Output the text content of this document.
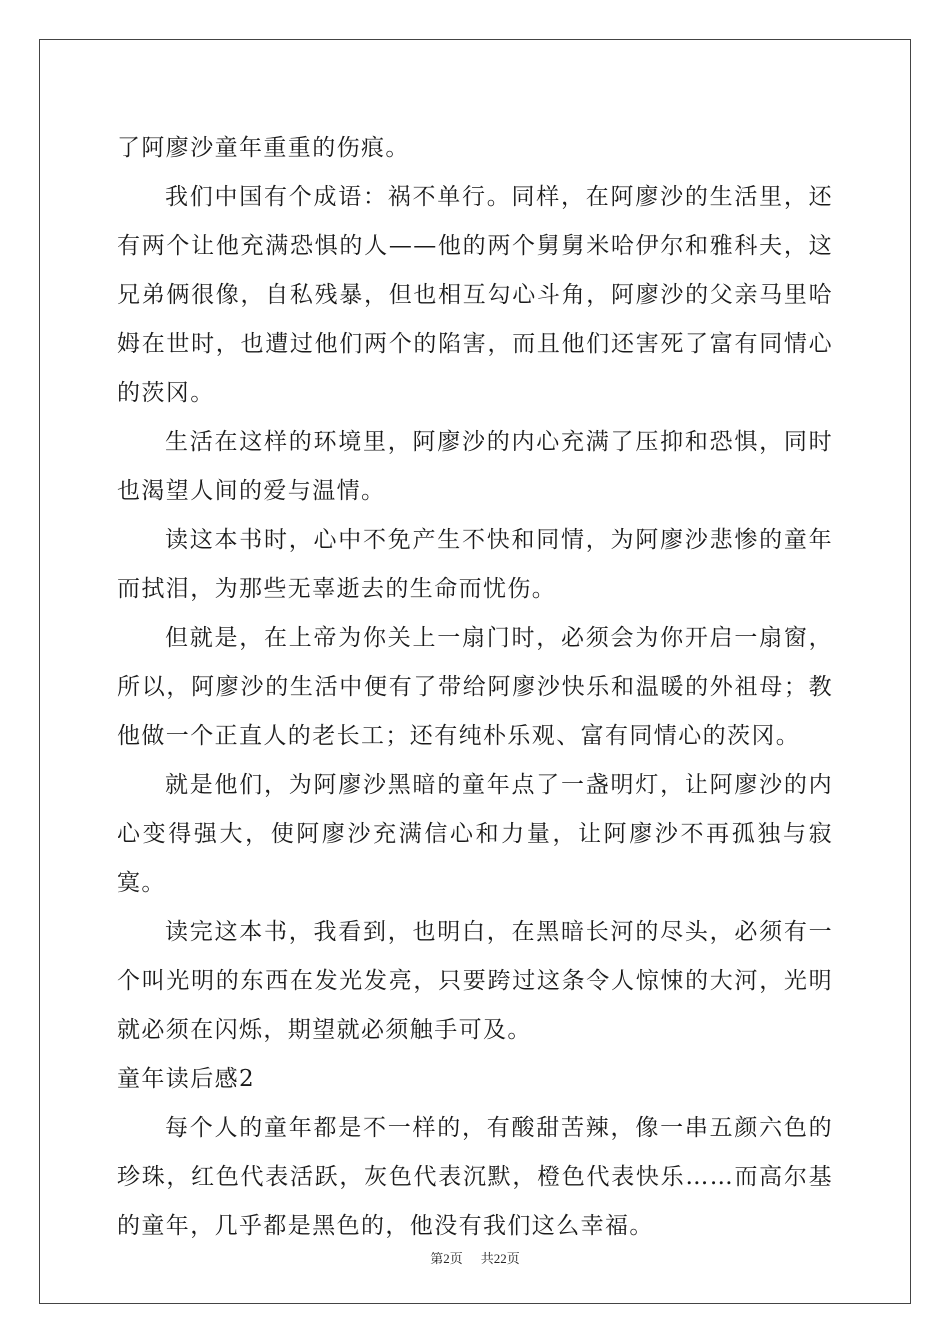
了阿廖沙童年重重的伤痕。

我们中国有个成语：祸不单行。同样，在阿廖沙的生活里，还有两个让他充满恐惧的人——他的两个舅舅米哈伊尔和雅科夫，这兄弟俩很像，自私残暴，但也相互勾心斗角，阿廖沙的父亲马里哈姆在世时，也遭过他们两个的陷害，而且他们还害死了富有同情心的茨冈。

生活在这样的环境里，阿廖沙的内心充满了压抑和恐惧，同时也渴望人间的爱与温情。

读这本书时，心中不免产生不快和同情，为阿廖沙悲惨的童年而拭泪，为那些无辜逝去的生命而忧伤。

但就是，在上帝为你关上一扇门时，必须会为你开启一扇窗，所以，阿廖沙的生活中便有了带给阿廖沙快乐和温暖的外祖母；教他做一个正直人的老长工；还有纯朴乐观、富有同情心的茨冈。

就是他们，为阿廖沙黑暗的童年点了一盏明灯，让阿廖沙的内心变得强大，使阿廖沙充满信心和力量，让阿廖沙不再孤独与寂寞。

读完这本书，我看到，也明白，在黑暗长河的尽头，必须有一个叫光明的东西在发光发亮，只要跨过这条令人惊悚的大河，光明就必须在闪烁，期望就必须触手可及。

童年读后感2

每个人的童年都是不一样的，有酸甜苦辣，像一串五颜六色的珍珠，红色代表活跃，灰色代表沉默，橙色代表快乐……而高尔基的童年，几乎都是黑色的，他没有我们这么幸福。

第2页 共22页
